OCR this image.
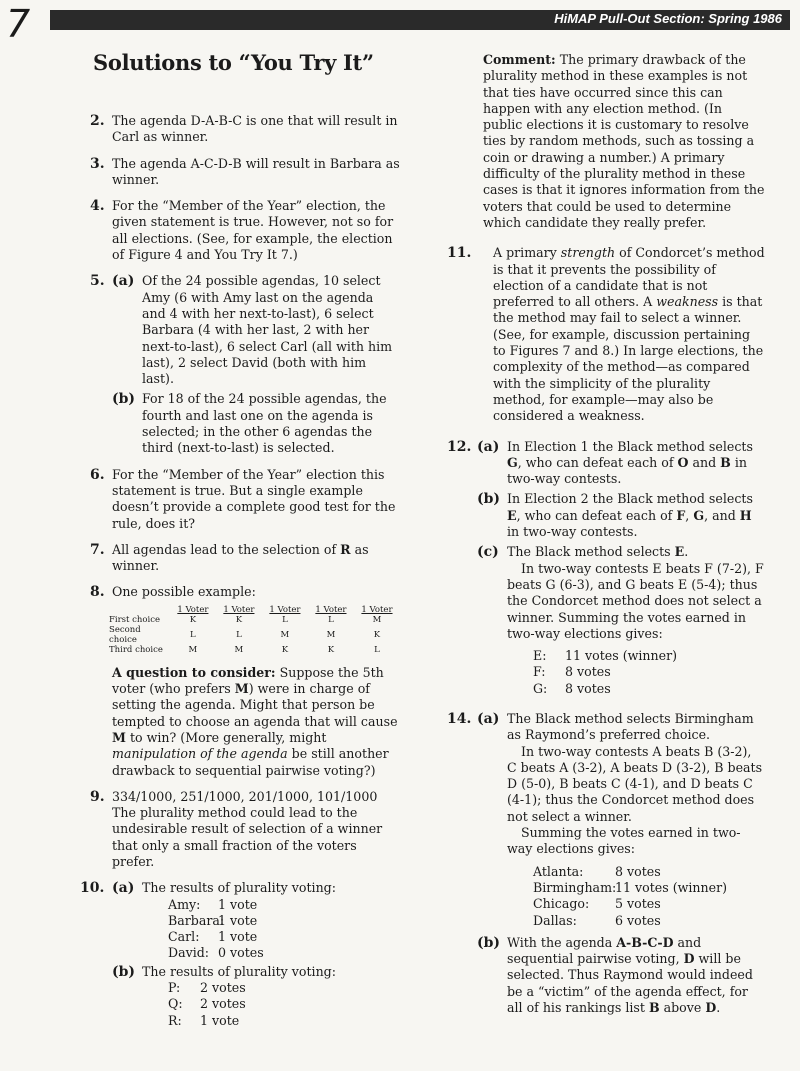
7	HiMAP Pull-Out Section: Spring 1986
Solutions to “You Try It”
2. The agenda D-A-B-C is one that will result in Carl as winner.

3. The agenda A-C-D-B will result in Barbara as winner.

4. For the “Member of the Year” election, the given statement is true. However, not so for all elections. (See, for example, the election of Figure 4 and You Try It 7.)

5. (a) Of the 24 possible agendas, 10 select Amy (6 with Amy last on the agenda and 4 with her next-to-last), 6 select Barbara (4 with her last, 2 with her next-to-last), 6 select Carl (all with him last), 2 select David (both with him last).

(b) For 18 of the 24 possible agendas, the fourth and last one on the agenda is selected; in the other 6 agendas the third (next-to-last) is selected.

6. For the “Member of the Year” election this statement is true. But a single example doesn’t provide a complete good test for the rule, does it?

7. All agendas lead to the selection of R as winner.

8. One possible example:

	1 Voter	1 Voter	1 Voter	1 Voter	1 Voter
First choice	K	K	L	L	M
Second choice	L	L	M	M	K
Third choice	M	M	K	K	L

A question to consider: Suppose the 5th voter (who prefers M) were in charge of setting the agenda. Might that person be tempted to choose an agenda that will cause M to win? (More generally, might manipulation of the agenda be still another drawback to sequential pairwise voting?)

9. 334/1000, 251/1000, 201/1000, 101/1000

The plurality method could lead to the undesirable result of selection of a winner that only a small fraction of the voters prefer.

10. (a) The results of plurality voting:

Amy: 1 vote
Barbara:1 vote
Carl: 1 vote
David: 0 votes
(b) The results of plurality voting:

P: 2 votes
Q: 2 votes
R: 1 vote

Comment: The primary drawback of the plurality method in these examples is not that ties have occurred since this can happen with any election method. (In public elections it is customary to resolve ties by random methods, such as tossing a coin or drawing a number.) A primary difficulty of the plurality method in these cases is that it ignores information from the voters that could be used to determine which candidate they really prefer.

11. A primary strength of Condorcet’s method is that it prevents the possibility of election of a candidate that is not preferred to all others. A weakness is that the method may fail to select a winner. (See, for example, discussion pertaining to Figures 7 and 8.) In large elections, the complexity of the method—as compared with the simplicity of the plurality method, for example—may also be considered a weakness.

12. (a) In Election 1 the Black method selects G, who can defeat each of O and B in two-way contests.

(b) In Election 2 the Black method selects E, who can defeat each of F, G, and H in two-way contests.

(c) The Black method selects E.

In two-way contests E beats F (7-2), F beats G (6-3), and G beats E (5-4); thus the Condorcet method does not select a winner. Summing the votes earned in two-way elections gives:

E: 11 votes (winner)
F: 8 votes
G: 8 votes
14. (a) The Black method selects Birmingham as Raymond’s preferred choice.

In two-way contests A beats B (3-2), C beats A (3-2), A beats D (3-2), B beats D (5-0), B beats C (4-1), and D beats C (4-1); thus the Condorcet method does not select a winner.

Summing the votes earned in two-way elections gives:

Atlanta:	8 votes
Birmingham:11 votes (winner)
Chicago: 5 votes
Dallas:	6 votes
(b) With the agenda A-B-C-D and sequential pairwise voting, D will be selected. Thus Raymond would indeed be a “victim” of the agenda effect, for all of his rankings list B above D.
